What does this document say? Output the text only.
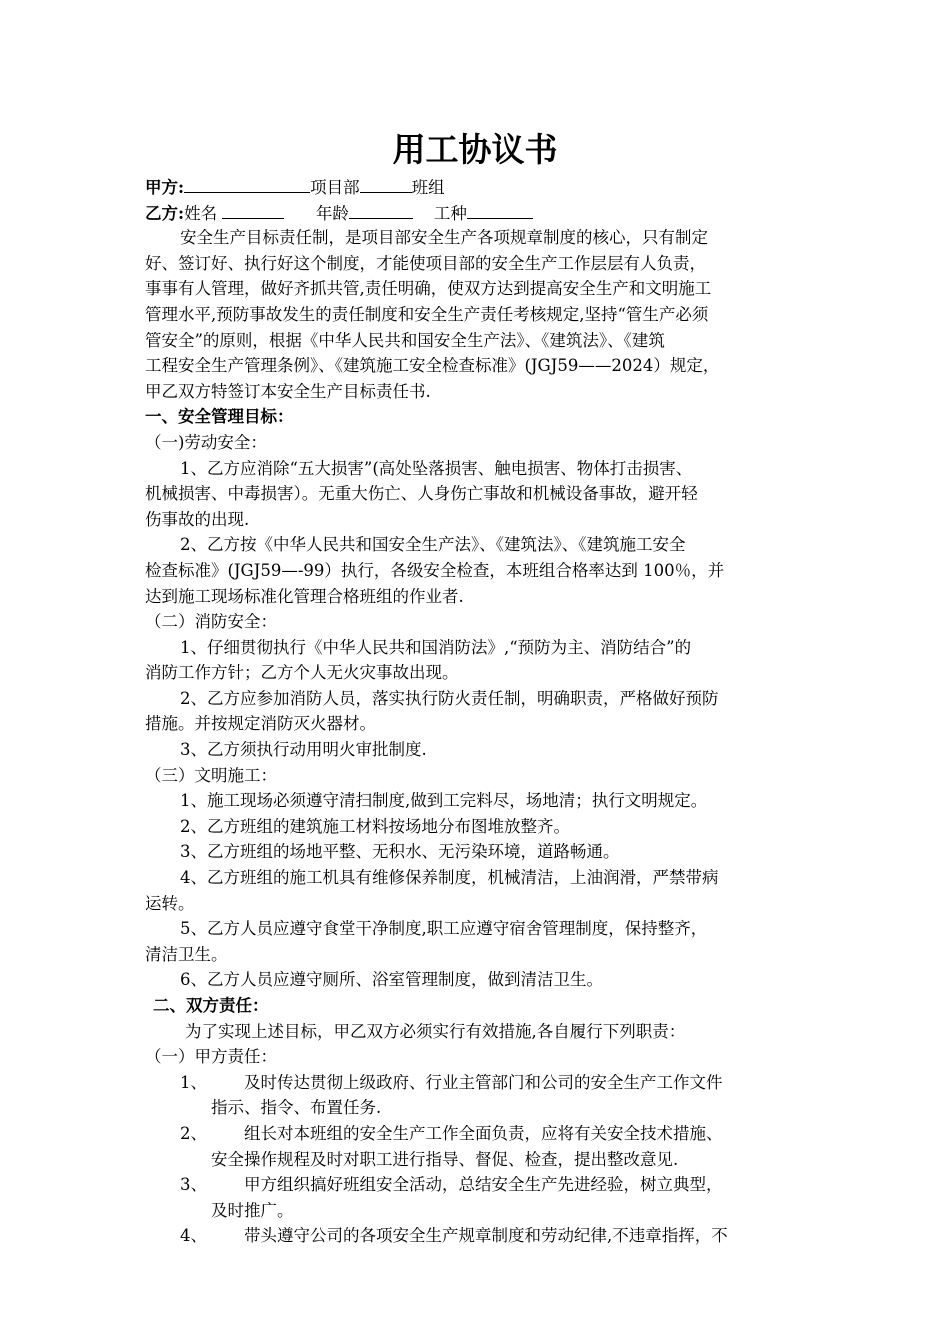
用工协议书
甲方:	项目部	班组
乙方:姓名	年龄	工种
安全生产目标责任制，是项目部安全生产各项规章制度的核心，只有制定
好、签订好、执行好这个制度，才能使项目部的安全生产工作层层有人负责，
事事有人管理，做好齐抓共管,责任明确，使双方达到提高安全生产和文明施工
管理水平,预防事故发生的责任制度和安全生产责任考核规定,坚持“管生产必须
管安全”的原则，根据《中华人民共和国安全生产法》、《建筑法》、《建筑
工程安全生产管理条例》、《建筑施工安全检查标准》(JGJ59——2024）规定，
甲乙双方特签订本安全生产目标责任书.
一、安全管理目标：
（一)劳动安全：
1、乙方应消除“五大损害”(高处坠落损害、触电损害、物体打击损害、
机械损害、中毒损害）。无重大伤亡、人身伤亡事故和机械设备事故，避开轻
伤事故的出现.
2、乙方按《中华人民共和国安全生产法》、《建筑法》、《建筑施工安全
检查标准》(JGJ59—-99）执行，各级安全检查，本班组合格率达到 100％，并
达到施工现场标准化管理合格班组的作业者.
（二）消防安全：
1、仔细贯彻执行《中华人民共和国消防法》,“预防为主、消防结合”的
消防工作方针；乙方个人无火灾事故出现。
2、乙方应参加消防人员，落实执行防火责任制，明确职责，严格做好预防
措施。并按规定消防灭火器材。
3、乙方须执行动用明火审批制度.
（三）文明施工：
1、施工现场必须遵守清扫制度,做到工完料尽，场地清；执行文明规定。
2、乙方班组的建筑施工材料按场地分布图堆放整齐。
3、乙方班组的场地平整、无积水、无污染环境，道路畅通。
4、乙方班组的施工机具有维修保养制度，机械清洁，上油润滑，严禁带病
运转。
5、乙方人员应遵守食堂干净制度,职工应遵守宿舍管理制度，保持整齐，
清洁卫生。
6、乙方人员应遵守厕所、浴室管理制度，做到清洁卫生。
二、双方责任：
为了实现上述目标，甲乙双方必须实行有效措施,各自履行下列职责：
（一）甲方责任：
1、 及时传达贯彻上级政府、行业主管部门和公司的安全生产工作文件
指示、指令、布置任务.
2、 组长对本班组的安全生产工作全面负责，应将有关安全技术措施、
安全操作规程及时对职工进行指导、督促、检查，提出整改意见.
3、 甲方组织搞好班组安全活动，总结安全生产先进经验，树立典型，
及时推广。
4、 带头遵守公司的各项安全生产规章制度和劳动纪律,不违章指挥，不
